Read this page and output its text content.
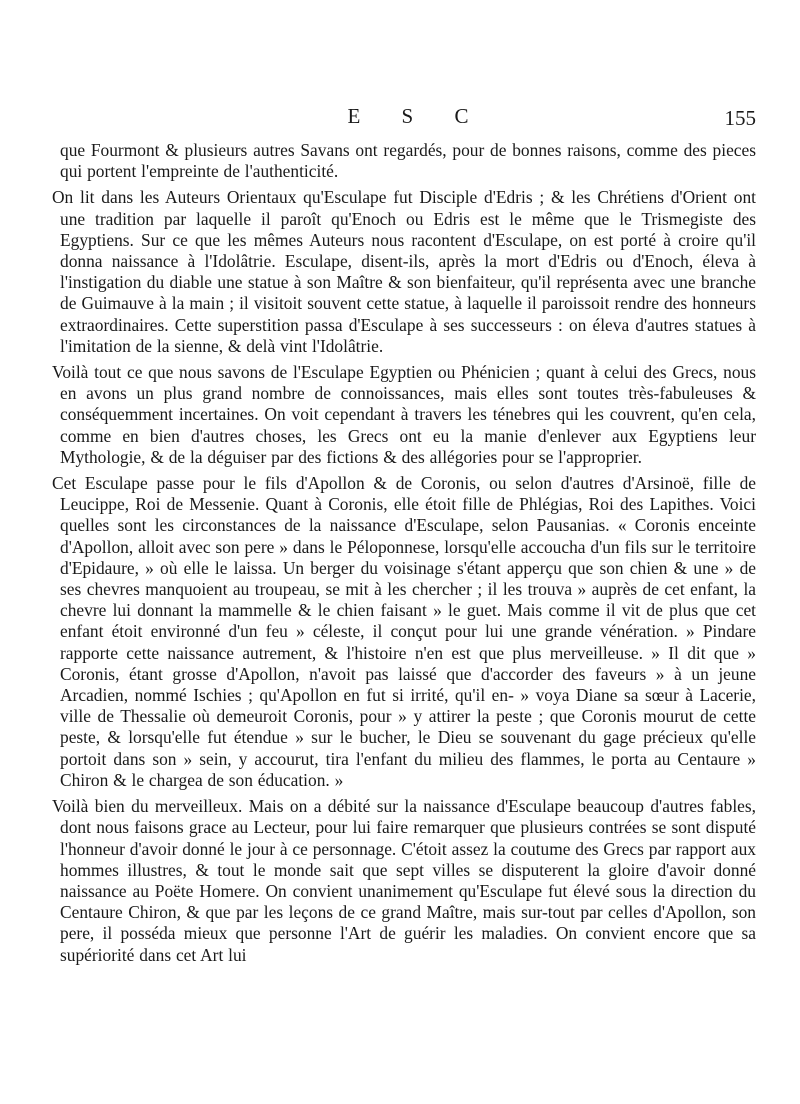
E S C	155

que Fourmont & plusieurs autres Savans ont regardés, pour de bonnes raisons, comme des pieces qui portent l'empreinte de l'authenticité.

On lit dans les Auteurs Orientaux qu'Esculape fut Disciple d'Edris ; & les Chrétiens d'Orient ont une tradition par laquelle il paroît qu'Enoch ou Edris est le même que le Trismegiste des Egyptiens. Sur ce que les mêmes Auteurs nous racontent d'Esculape, on est porté à croire qu'il donna naissance à l'Idolâtrie. Esculape, disent-ils, après la mort d'Edris ou d'Enoch, éleva à l'instigation du diable une statue à son Maître & son bienfaiteur, qu'il représenta avec une branche de Guimauve à la main ; il visitoit souvent cette statue, à laquelle il paroissoit rendre des honneurs extraordinaires. Cette superstition passa d'Esculape à ses successeurs : on éleva d'autres statues à l'imitation de la sienne, & delà vint l'Idolâtrie.

Voilà tout ce que nous savons de l'Esculape Egyptien ou Phénicien ; quant à celui des Grecs, nous en avons un plus grand nombre de connoissances, mais elles sont toutes très-fabuleuses & conséquemment incertaines. On voit cependant à travers les ténebres qui les couvrent, qu'en cela, comme en bien d'autres choses, les Grecs ont eu la manie d'enlever aux Egyptiens leur Mythologie, & de la déguiser par des fictions & des allégories pour se l'approprier.

Cet Esculape passe pour le fils d'Apollon & de Coronis, ou selon d'autres d'Arsinoë, fille de Leucippe, Roi de Messenie. Quant à Coronis, elle étoit fille de Phlégias, Roi des Lapithes. Voici quelles sont les circonstances de la naissance d'Esculape, selon Pausanias. « Coronis enceinte d'Apollon, alloit avec son pere » dans le Péloponnese, lorsqu'elle accoucha d'un fils sur le territoire d'Epidaure, » où elle le laissa. Un berger du voisinage s'étant apperçu que son chien & une » de ses chevres manquoient au troupeau, se mit à les chercher ; il les trouva » auprès de cet enfant, la chevre lui donnant la mammelle & le chien faisant » le guet. Mais comme il vit de plus que cet enfant étoit environné d'un feu » céleste, il conçut pour lui une grande vénération. » Pindare rapporte cette naissance autrement, & l'histoire n'en est que plus merveilleuse. » Il dit que » Coronis, étant grosse d'Apollon, n'avoit pas laissé que d'accorder des faveurs » à un jeune Arcadien, nommé Ischies ; qu'Apollon en fut si irrité, qu'il en- » voya Diane sa sœur à Lacerie, ville de Thessalie où demeuroit Coronis, pour » y attirer la peste ; que Coronis mourut de cette peste, & lorsqu'elle fut étendue » sur le bucher, le Dieu se souvenant du gage précieux qu'elle portoit dans son » sein, y accourut, tira l'enfant du milieu des flammes, le porta au Centaure » Chiron & le chargea de son éducation. »

Voilà bien du merveilleux. Mais on a débité sur la naissance d'Esculape beaucoup d'autres fables, dont nous faisons grace au Lecteur, pour lui faire remarquer que plusieurs contrées se sont disputé l'honneur d'avoir donné le jour à ce personnage. C'étoit assez la coutume des Grecs par rapport aux hommes illustres, & tout le monde sait que sept villes se disputerent la gloire d'avoir donné naissance au Poëte Homere. On convient unanimement qu'Esculape fut élevé sous la direction du Centaure Chiron, & que par les leçons de ce grand Maître, mais sur-tout par celles d'Apollon, son pere, il posséda mieux que personne l'Art de guérir les maladies. On convient encore que sa supériorité dans cet Art lui
